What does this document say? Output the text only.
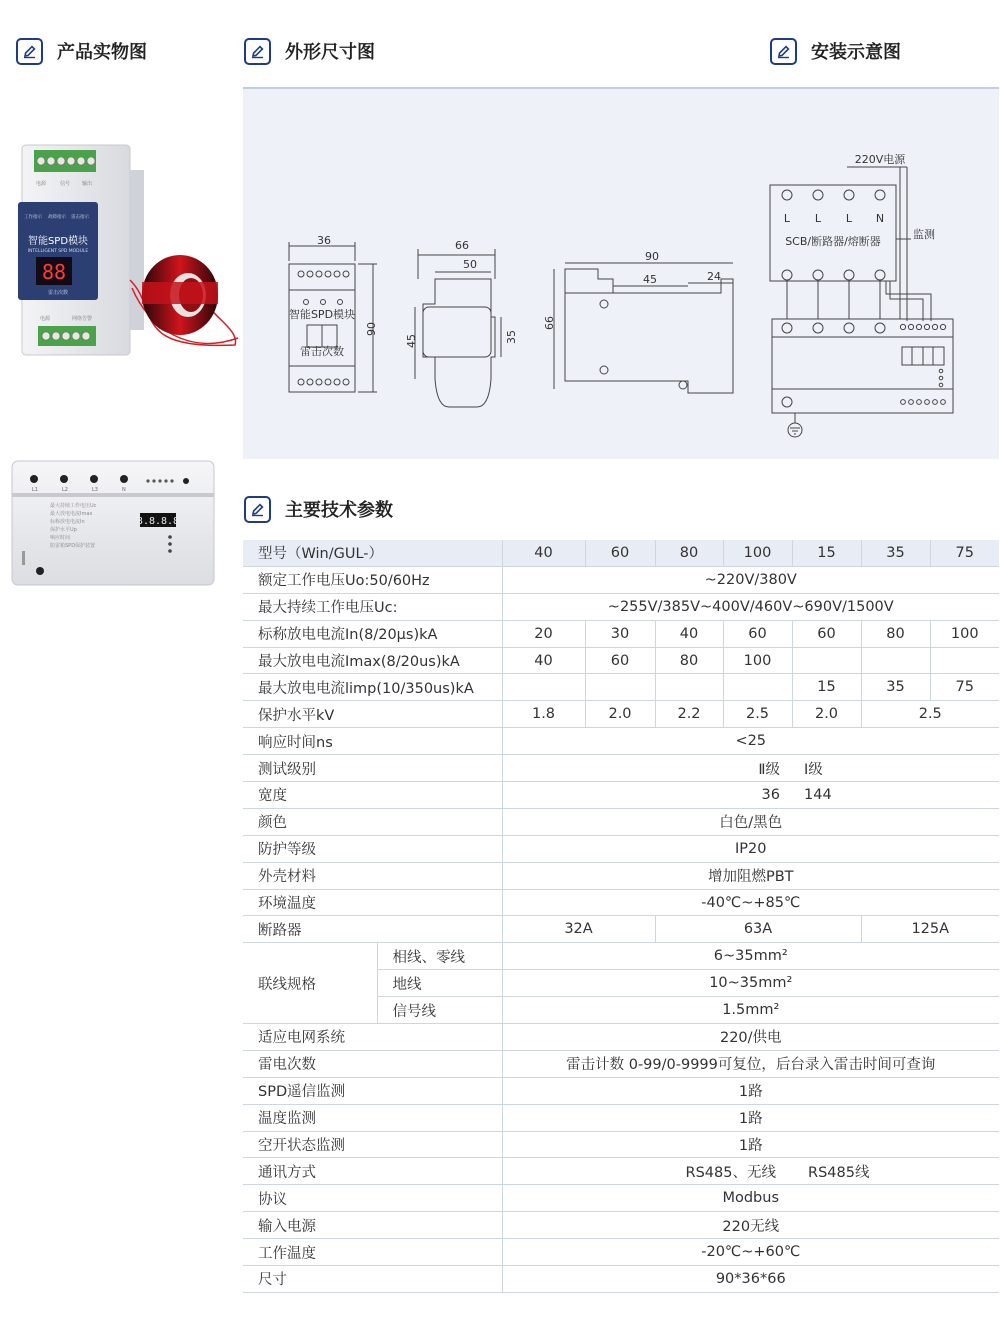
产品实物图	外形尺寸图	安装示意图
主要技术参数
电源	信号 输出
工作指示 故障指示 雷击指示
智能SPD模块
INTELLIGENT SPD MODULE
88
雷击次数
电源	网络告警
L1	L2	L3	N
最大持续工作电压Uc
最大放电电流Imax
标称放电电流In
保护水平Up
响应时间
防雷箱SPD保护装置
8.8.8.8
智能SPD模块
雷击次数
36
90
66
50
45	35
90
45	24
66
220V电源
L L L N
SCB/断路器/熔断器
监测
型号（Win/GUL-）		40	60	80	100	15	35	75
额定工作电压Uo:50/60Hz		~220V/380V						
最大持续工作电压Uc:		~255V/385V~400V/460V~690V/1500V						
标称放电电流In(8/20μs)kA		20	30	40	60	60	80	100
最大放电电流Imax(8/20us)kA		40	60	80	100			
最大放电电流limp(10/350us)kA						15	35	75
保护水平kV		1.8	2.0	2.2	2.5	2.0	2.5	
响应时间ns		<25						
测试级别		Ⅱ级				Ⅰ级		
宽度		36				144		
颜色		白色/黑色						
防护等级		IP20						
外壳材料		增加阻燃PBT						
环境温度		-40℃~+85℃						
断路器		32A		63A			125A	
联线规格	相线、零线	6~35mm²						
	地线	10~35mm²						
	信号线	1.5mm²						
适应电网系统		220/供电						
雷电次数		雷击计数 0-99/0-9999可复位，后台录入雷击时间可查询						
SPD遥信监测		1路						
温度监测		1路						
空开状态监测		1路						
通讯方式		RS485、无线				RS485线		
协议		Modbus						
输入电源		220无线						
工作温度		-20℃~+60℃						
尺寸		90*36*66						
